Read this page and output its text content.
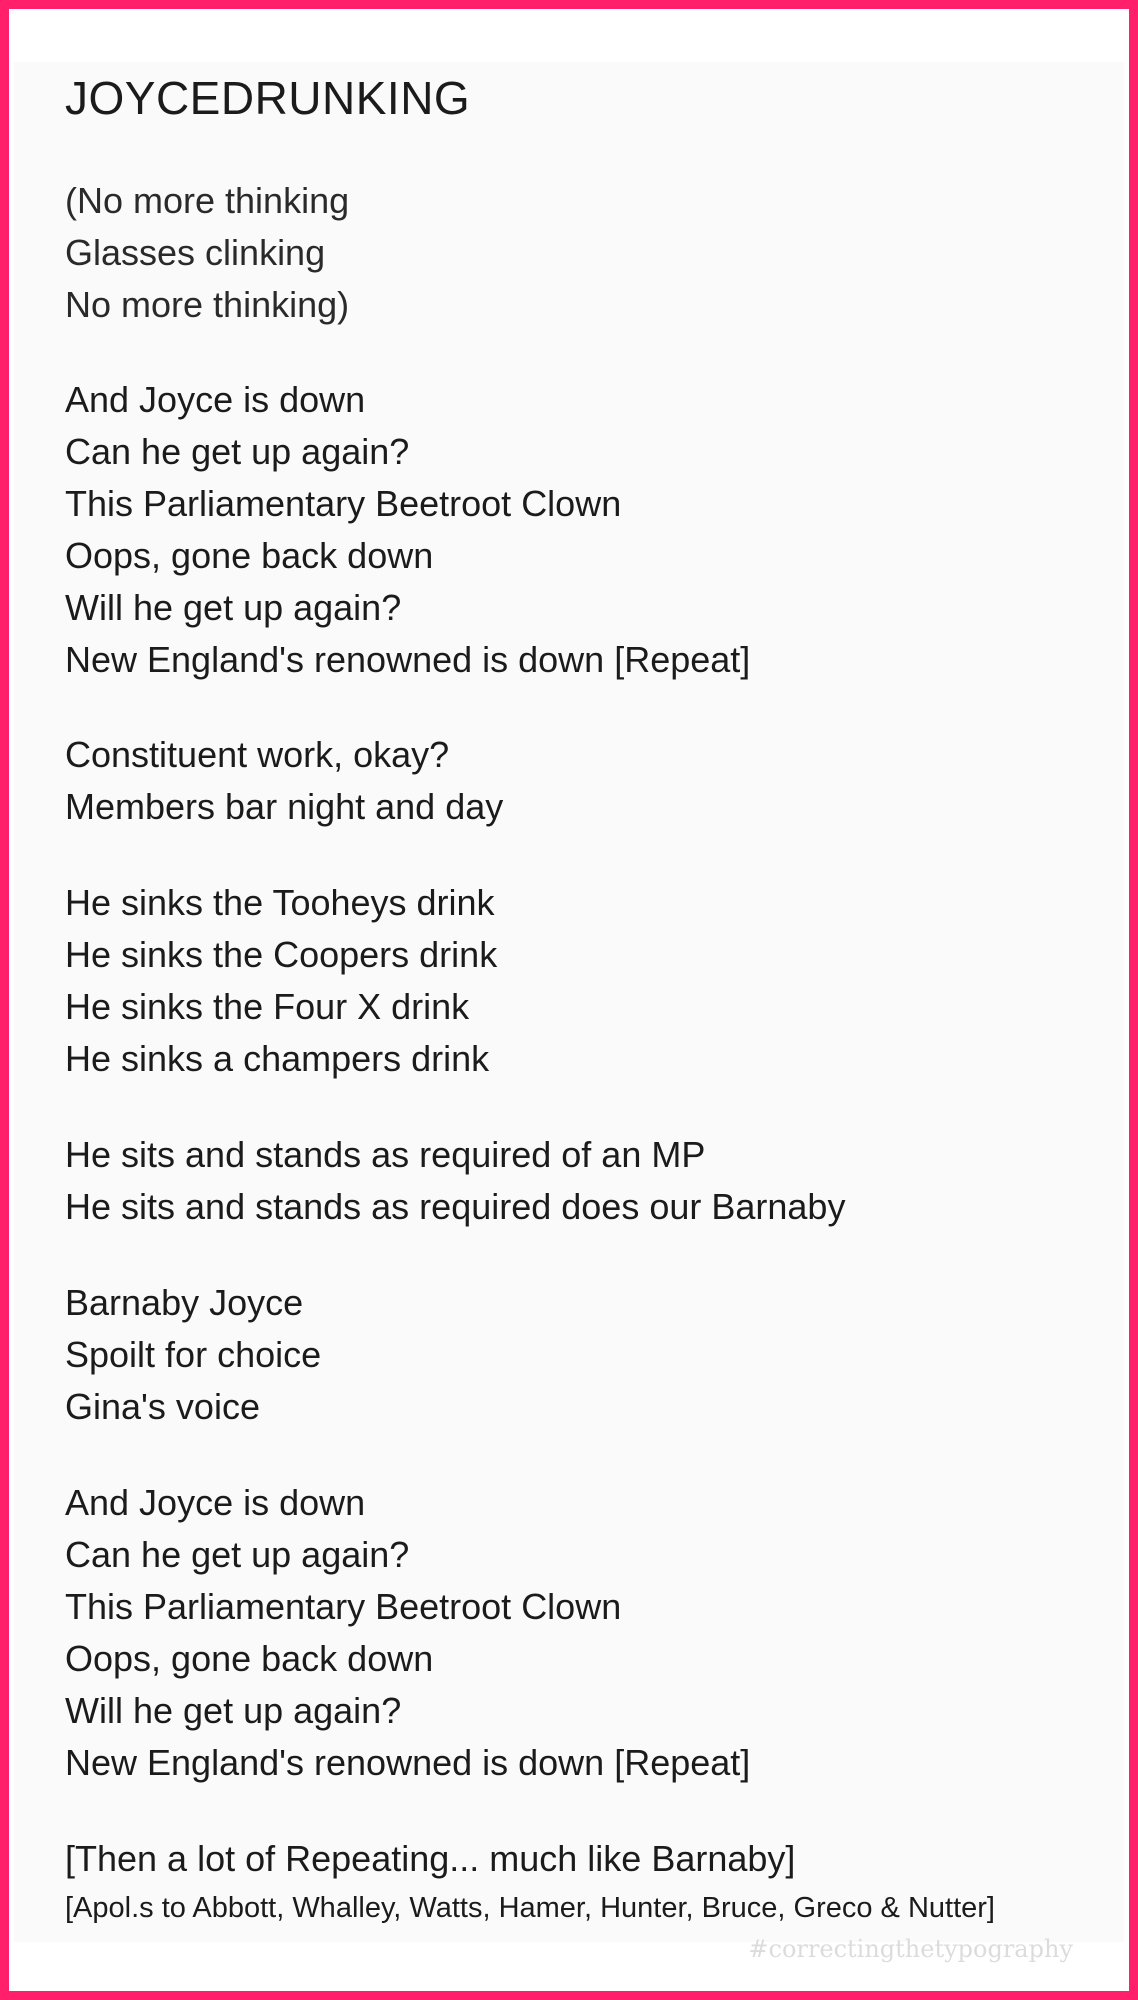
JOYCEDRUNKING
(No more thinking
Glasses clinking
No more thinking)
And Joyce is down
Can he get up again?
This Parliamentary Beetroot Clown
Oops, gone back down
Will he get up again?
New England's renowned is down [Repeat]
Constituent work, okay?
Members bar night and day
He sinks the Tooheys drink
He sinks the Coopers drink
He sinks the Four X drink
He sinks a champers drink
He sits and stands as required of an MP
He sits and stands as required does our Barnaby
Barnaby Joyce
Spoilt for choice
Gina's voice
And Joyce is down
Can he get up again?
This Parliamentary Beetroot Clown
Oops, gone back down
Will he get up again?
New England's renowned is down [Repeat]
[Then a lot of Repeating... much like Barnaby]
[Apol.s to Abbott, Whalley, Watts, Hamer, Hunter, Bruce, Greco & Nutter]
#correctingthetypography
